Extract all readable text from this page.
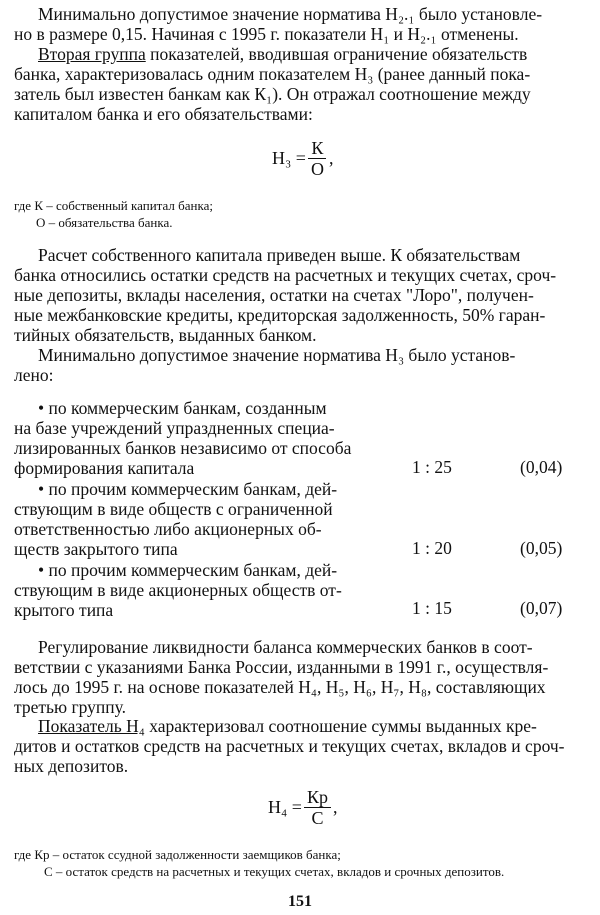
Минимально допустимое значение норматива Н₂.₁ было установле-
но в размере 0,15. Начиная с 1995 г. показатели Н₁ и Н₂.₁ отменены.
Вторая группа показателей, вводившая ограничение обязательств
банка, характеризовалась одним показателем Н₃ (ранее данный пока-
затель был известен банкам как К₁). Он отражал соотношение между
капиталом банка и его обязательствами:
$Н_3 = \frac{К}{О}$ ,
где К – собственный капитал банка;
О – обязательства банка.
Расчет собственного капитала приведен выше. К обязательствам
банка относились остатки средств на расчетных и текущих счетах, сроч-
ные депозиты, вклады населения, остатки на счетах "Лоро", получен-
ные межбанковские кредиты, кредиторская задолженность, 50% гаран-
тийных обязательств, выданных банком.
Минимально допустимое значение норматива Н₃ было установ-
лено:
• по коммерческим банкам, созданным
на базе учреждений упраздненных специа-
лизированных банков независимо от способа
формирования капитала	1 : 25	(0,04)
• по прочим коммерческим банкам, дей-
ствующим в виде обществ с ограниченной
ответственностью либо акционерных об-
ществ закрытого типа	1 : 20	(0,05)
• по прочим коммерческим банкам, дей-
ствующим в виде акционерных обществ от-
крытого типа	1 : 15	(0,07)
Регулирование ликвидности баланса коммерческих банков в соот-
ветствии с указаниями Банка России, изданными в 1991 г., осуществля-
лось до 1995 г. на основе показателей Н₄, Н₅, Н₆, Н₇, Н₈, составляющих
третью группу.
Показатель Н₄ характеризовал соотношение суммы выданных кре-
дитов и остатков средств на расчетных и текущих счетах, вкладов и сроч-
ных депозитов.
$Н_4 = \frac{Кр}{С}$ ,
где Кр – остаток ссудной задолженности заемщиков банка;
С – остаток средств на расчетных и текущих счетах, вкладов и срочных депозитов.
151
